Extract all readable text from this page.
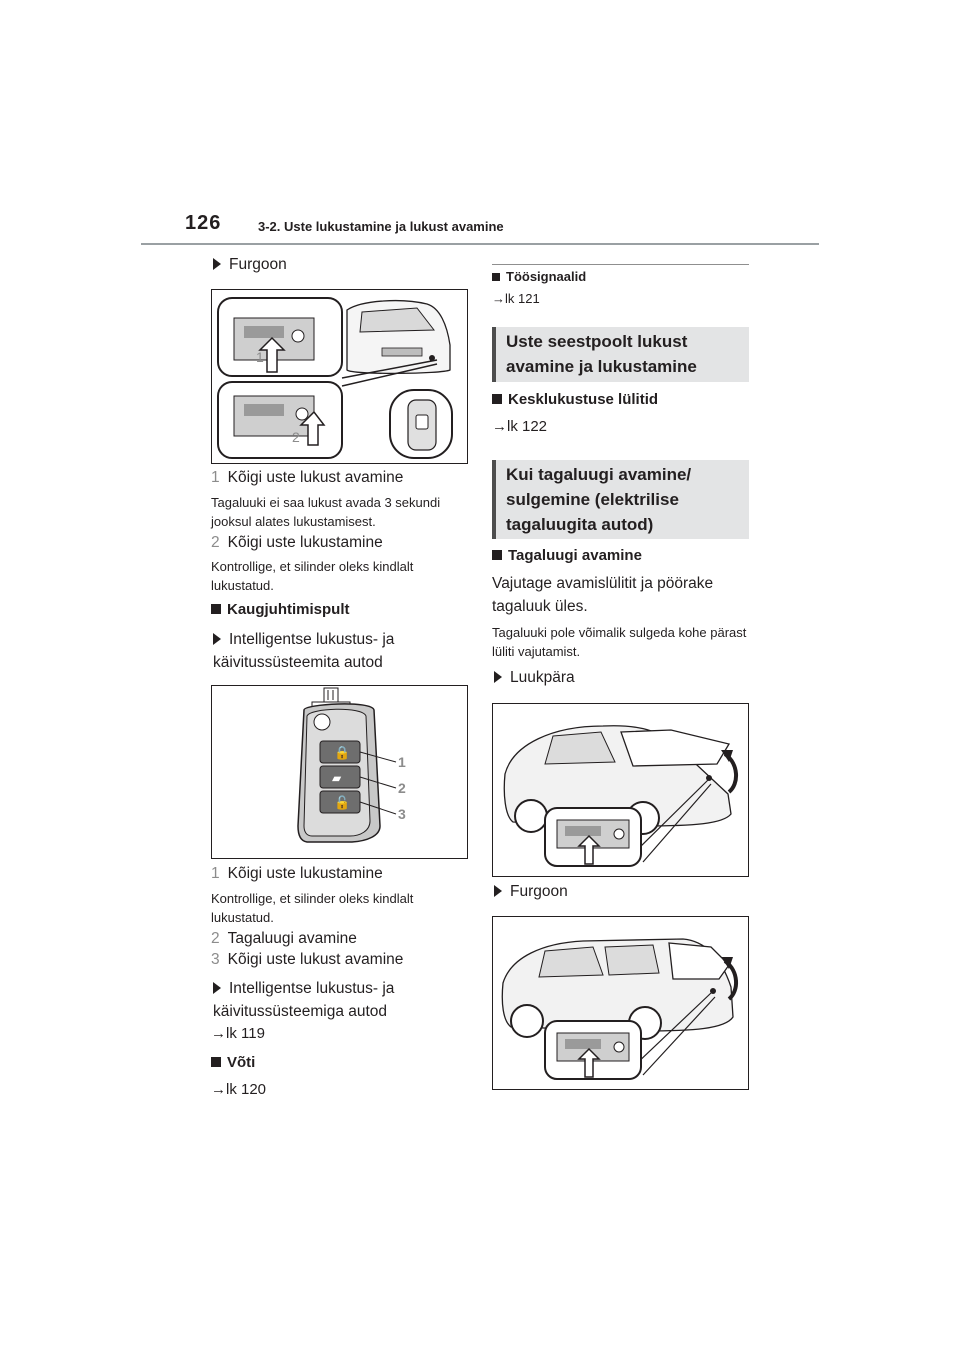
126	3-2. Uste lukustamine ja lukust avamine
Furgoon
1
2
1 Kõigi uste lukust avamine
Tagaluuki ei saa lukust avada 3 sekundi jooksul alates lukustamisest.
2 Kõigi uste lukustamine
Kontrollige, et silinder oleks kindlalt lukustatud.
Kaugjuhtimispult
Intelligentse lukustus- ja käivitussüsteemita autod
🔒
▰
🔓
1
2
3
1 Kõigi uste lukustamine
Kontrollige, et silinder oleks kindlalt lukustatud.
2 Tagaluugi avamine
3 Kõigi uste lukust avamine
Intelligentse lukustus- ja käivitussüsteemiga autod
→lk 119
Võti
→lk 120
Töösignaalid
→lk 121
Uste seestpoolt lukust avamine ja lukustamine
Kesklukustuse lülitid
→lk 122
Kui tagaluugi avamine/ sulgemine (elektrilise tagaluugita autod)
Tagaluugi avamine
Vajutage avamislülitit ja pöörake tagaluuk üles.
Tagaluuki pole võimalik sulgeda kohe pärast lüliti vajutamist.
Luukpära
Furgoon
